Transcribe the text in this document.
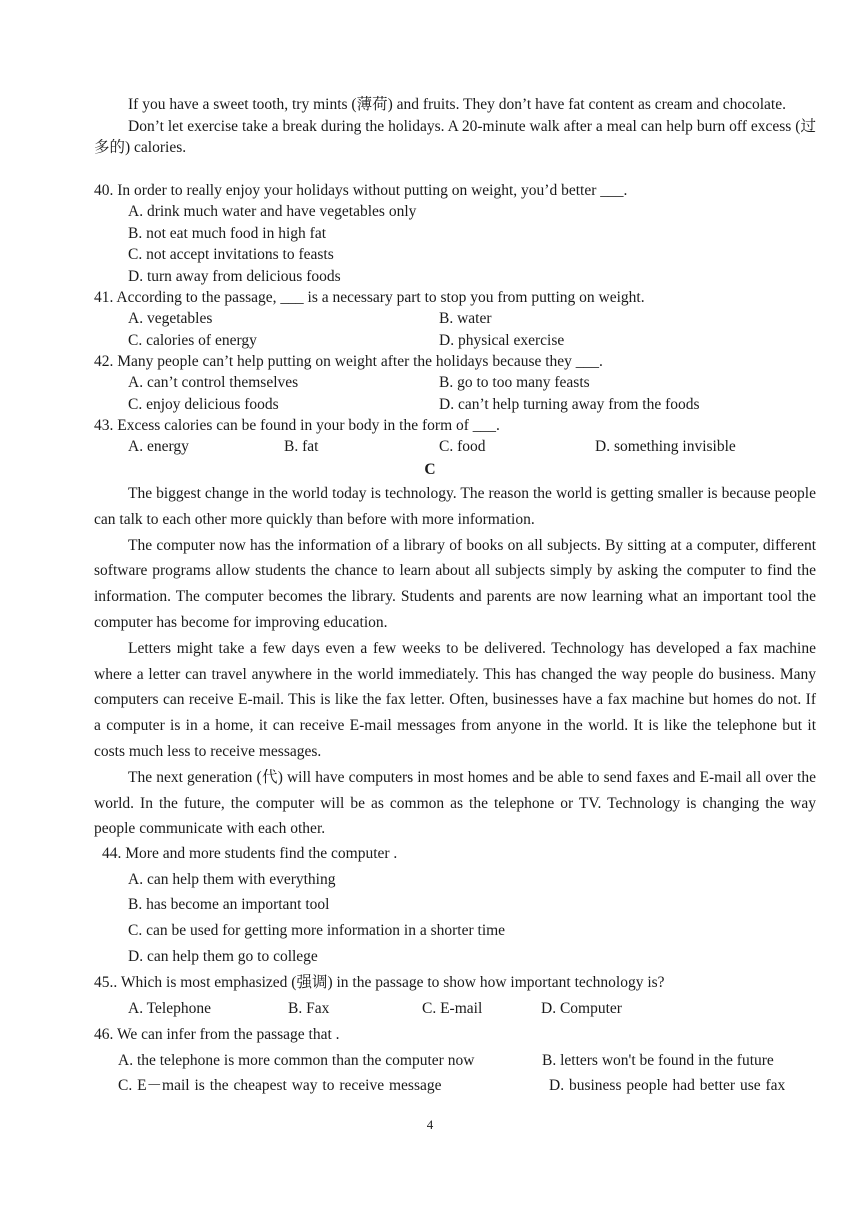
If you have a sweet tooth, try mints (薄荷) and fruits. They don’t have fat content as cream and chocolate.

Don’t let exercise take a break during the holidays. A 20-minute walk after a meal can help burn off excess (过多的) calories.

40. In order to really enjoy your holidays without putting on weight, you’d better ___.

A. drink much water and have vegetables only

B. not eat much food in high fat

C. not accept invitations to feasts

D. turn away from delicious foods

41. According to the passage, ___ is a necessary part to stop you from putting on weight.

A. vegetables	B. water
C. calories of energy	D. physical exercise

42. Many people can’t help putting on weight after the holidays because they ___.

A. can’t control themselves	B. go to too many feasts
C. enjoy delicious foods	D. can’t help turning away from the foods

43. Excess calories can be found in your body in the form of ___.

A. energy	B. fat	C. food	D. something invisible
C

The biggest change in the world today is technology. The reason the world is getting smaller is because people can talk to each other more quickly than before with more information.

The computer now has the information of a library of books on all subjects. By sitting at a computer, different software programs allow students the chance to learn about all subjects simply by asking the computer to find the information. The computer becomes the library. Students and parents are now learning what an important tool the computer has become for improving education.

Letters might take a few days even a few weeks to be delivered. Technology has developed a fax machine where a letter can travel anywhere in the world immediately. This has changed the way people do business. Many computers can receive E-mail. This is like the fax letter. Often, businesses have a fax machine but homes do not. If a computer is in a home, it can receive E-mail messages from anyone in the world. It is like the telephone but it costs much less to receive messages.

The next generation (代) will have computers in most homes and be able to send faxes and E-mail all over the world. In the future, the computer will be as common as the telephone or TV. Technology is changing the way people communicate with each other.

44. More and more students find the computer .

A. can help them with everything

B. has become an important tool

C. can be used for getting more information in a shorter time

D. can help them go to college

45.. Which is most emphasized (强调) in the passage to show how important technology is?

A. Telephone	B. Fax	C. E-mail	D. Computer

46. We can infer from the passage that .

A. the telephone is more common than the computer now	B. letters won't be found in the future
C. E－mail is the cheapest way to receive message	D. business people had better use fax
4
